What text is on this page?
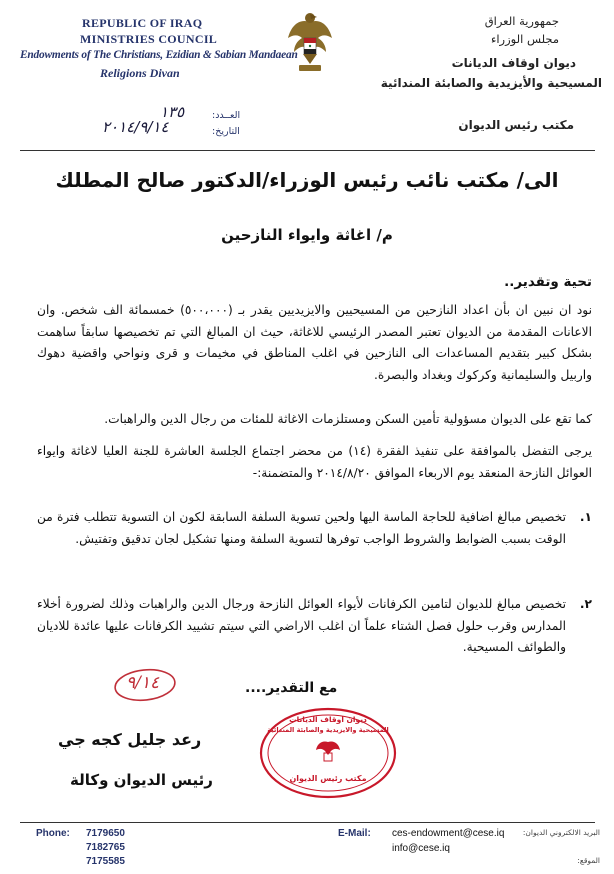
REPUBLIC OF IRAQ
MINISTRIES COUNCIL
Endowments of The Christians, Ezidian & Sabian Mandaean
Religions Divan
جمهورية العراق
مجلس الوزراء
ديوان اوقاف الديانات
المسيحية والأيزيدية والصابئة المندائية
مكتب رئيس الديوان
العــدد:
١٣٥
التاريخ:
٢٠١٤/٩/١٤
الى/ مكتب نائب رئيس الوزراء/الدكتور صالح المطلك
م/ اغاثة وايواء النازحين
تحية وتقدير..
نود ان نبين ان بأن اعداد النازحين من المسيحيين والايزيديين يقدر بـ (٥٠٠،٠٠٠) خمسمائة الف شخص. وان الاعانات المقدمة من الديوان تعتبر المصدر الرئيسي للاغاثة، حيث ان المبالغ التي تم تخصيصها سابقاً ساهمت بشكل كبير بتقديم المساعدات الى النازحين في اغلب المناطق في مخيمات و قرى ونواحي واقضية دهوك واربيل والسليمانية وكركوك وبغداد والبصرة.
كما تقع على الديوان مسؤولية تأمين السكن ومستلزمات الاغاثة للمئات من رجال الدين والراهبات.
يرجى التفضل بالموافقة على تنفيذ الفقرة (١٤) من محضر اجتماع الجلسة العاشرة للجنة العليا لاغاثة وايواء العوائل النازحة المنعقد يوم الاربعاء الموافق ٢٠١٤/٨/٢٠ والمتضمنة:-
١.
تخصيص مبالغ اضافية للحاجة الماسة اليها ولحين تسوية السلفة السابقة لكون ان التسوية تتطلب فترة من الوقت بسبب الضوابط والشروط الواجب توفرها لتسوية السلفة ومنها تشكيل لجان تدقيق وتفتيش.
٢.
تخصيص مبالغ للديوان لتامين الكرفانات لأيواء العوائل النازحة ورجال الدين والراهبات وذلك لضرورة أخلاء المدارس وقرب حلول فصل الشتاء علماً ان اغلب الاراضي التي سيتم تشييد الكرفانات عليها عائدة للاديان والطوائف المسيحية.
مع التقدير....
٩/١٤
ديوان اوقاف الديانات
المسيحية والايزيدية والصابئة المندائية
مكتب رئيس الديوان
رعد جليل كجه جي
رئيس الديوان وكالة
Phone: 7179650
7182765
7175585
E-Mail: ces-endowment@cese.iq
info@cese.iq
البريد الالكتروني الديوان:
الموقع:
